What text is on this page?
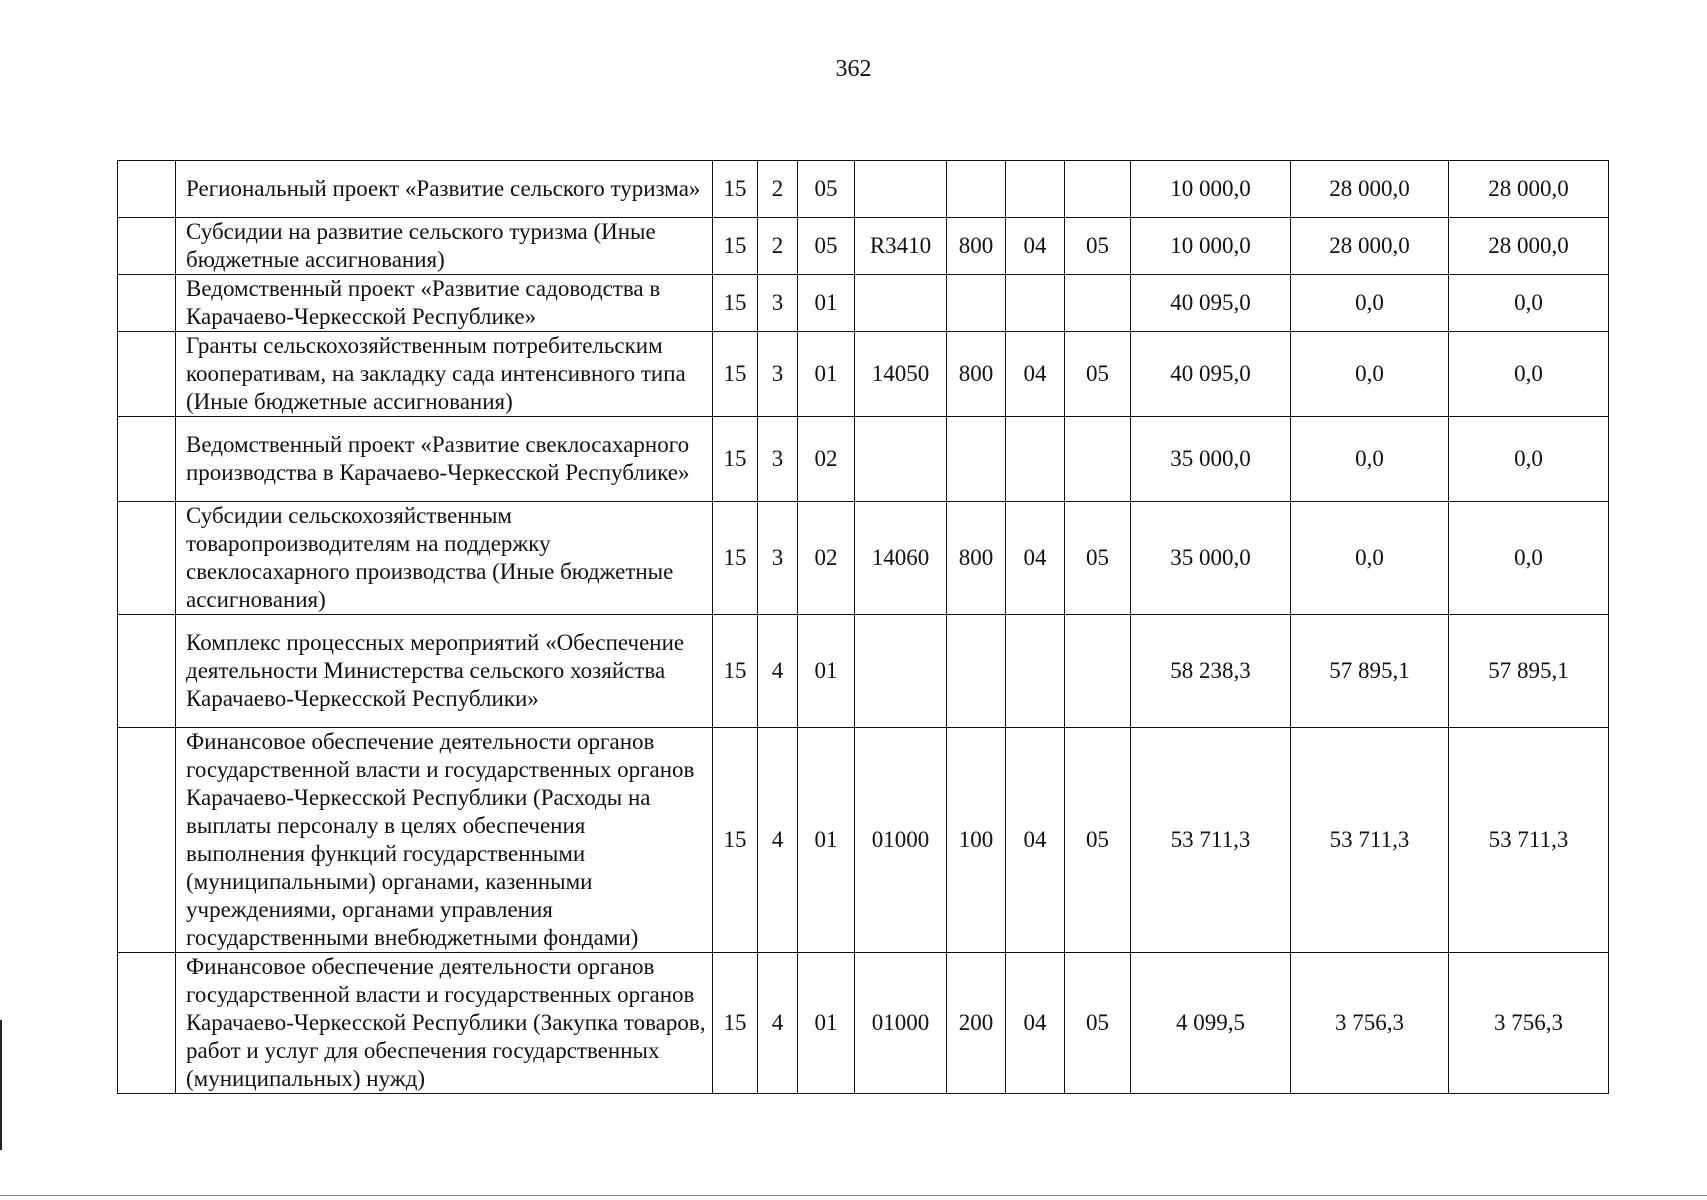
362
	Региональный проект «Развитие сельского туризма»	15	2	05					10 000,0	28 000,0	28 000,0
	Субсидии на развитие сельского туризма (Иные бюджетные ассигнования)	15	2	05	R3410	800	04	05	10 000,0	28 000,0	28 000,0
	Ведомственный проект «Развитие садоводства в Карачаево-Черкесской Республике»	15	3	01					40 095,0	0,0	0,0
	Гранты сельскохозяйственным потребительским кооперативам, на закладку сада интенсивного типа (Иные бюджетные ассигнования)	15	3	01	14050	800	04	05	40 095,0	0,0	0,0
	Ведомственный проект «Развитие свеклосахарного производства в Карачаево-Черкесской Республике»	15	3	02					35 000,0	0,0	0,0
	Субсидии сельскохозяйственным товаропроизводителям на поддержку свеклосахарного производства (Иные бюджетные ассигнования)	15	3	02	14060	800	04	05	35 000,0	0,0	0,0
	Комплекс процессных мероприятий «Обеспечение деятельности Министерства сельского хозяйства Карачаево-Черкесской Республики»	15	4	01					58 238,3	57 895,1	57 895,1
	Финансовое обеспечение деятельности органов государственной власти и государственных органов Карачаево-Черкесской Республики (Расходы на выплаты персоналу в целях обеспечения выполнения функций государственными (муниципальными) органами, казенными учреждениями, органами управления государственными внебюджетными фондами)	15	4	01	01000	100	04	05	53 711,3	53 711,3	53 711,3
	Финансовое обеспечение деятельности органов государственной власти и государственных органов Карачаево-Черкесской Республики (Закупка товаров, работ и услуг для обеспечения государственных (муниципальных) нужд)	15	4	01	01000	200	04	05	4 099,5	3 756,3	3 756,3
